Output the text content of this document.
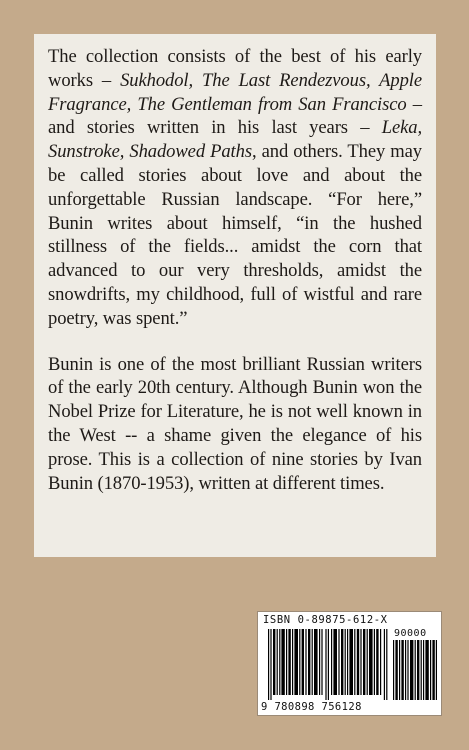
The collection consists of the best of his early works – Sukhodol, The Last Rendezvous, Apple Fragrance, The Gentleman from San Francisco – and stories written in his last years – Leka, Sunstroke, Shadowed Paths, and others. They may be called stories about love and about the unforgettable Russian landscape. “For here,” Bunin writes about himself, “in the hushed stillness of the fields... amidst the corn that advanced to our very thresholds, amidst the snowdrifts, my childhood, full of wistful and rare poetry, was spent.”

Bunin is one of the most brilliant Russian writers of the early 20th century. Although Bunin won the Nobel Prize for Literature, he is not well known in the West -- a shame given the elegance of his prose. This is a collection of nine stories by Ivan Bunin (1870-1953), written at different times.

ISBN 0-89875-612-X
90000
9 780898 756128
